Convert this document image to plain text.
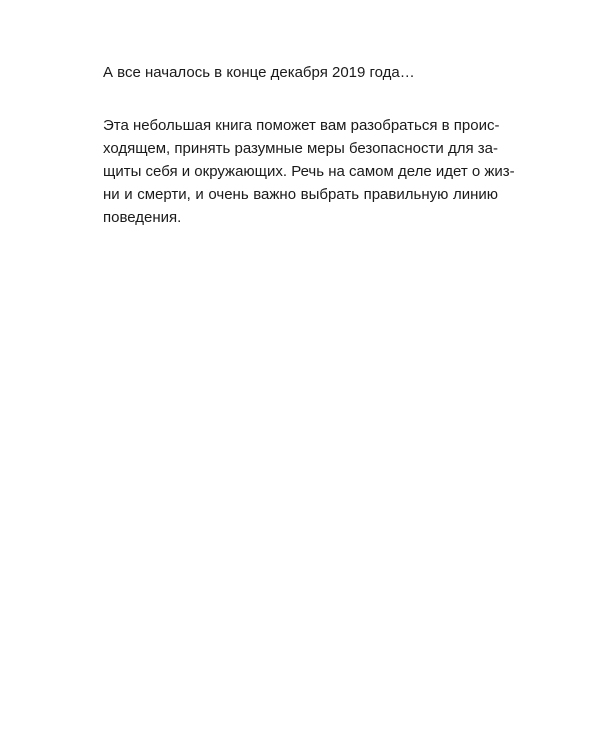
А все началось в конце декабря 2019 года…

Эта небольшая книга поможет вам разобраться в проис-
ходящем, принять разумные меры безопасности для за-
щиты себя и окружающих. Речь на самом деле идет о жиз-
ни и смерти, и очень важно выбрать правильную линию
поведения.
